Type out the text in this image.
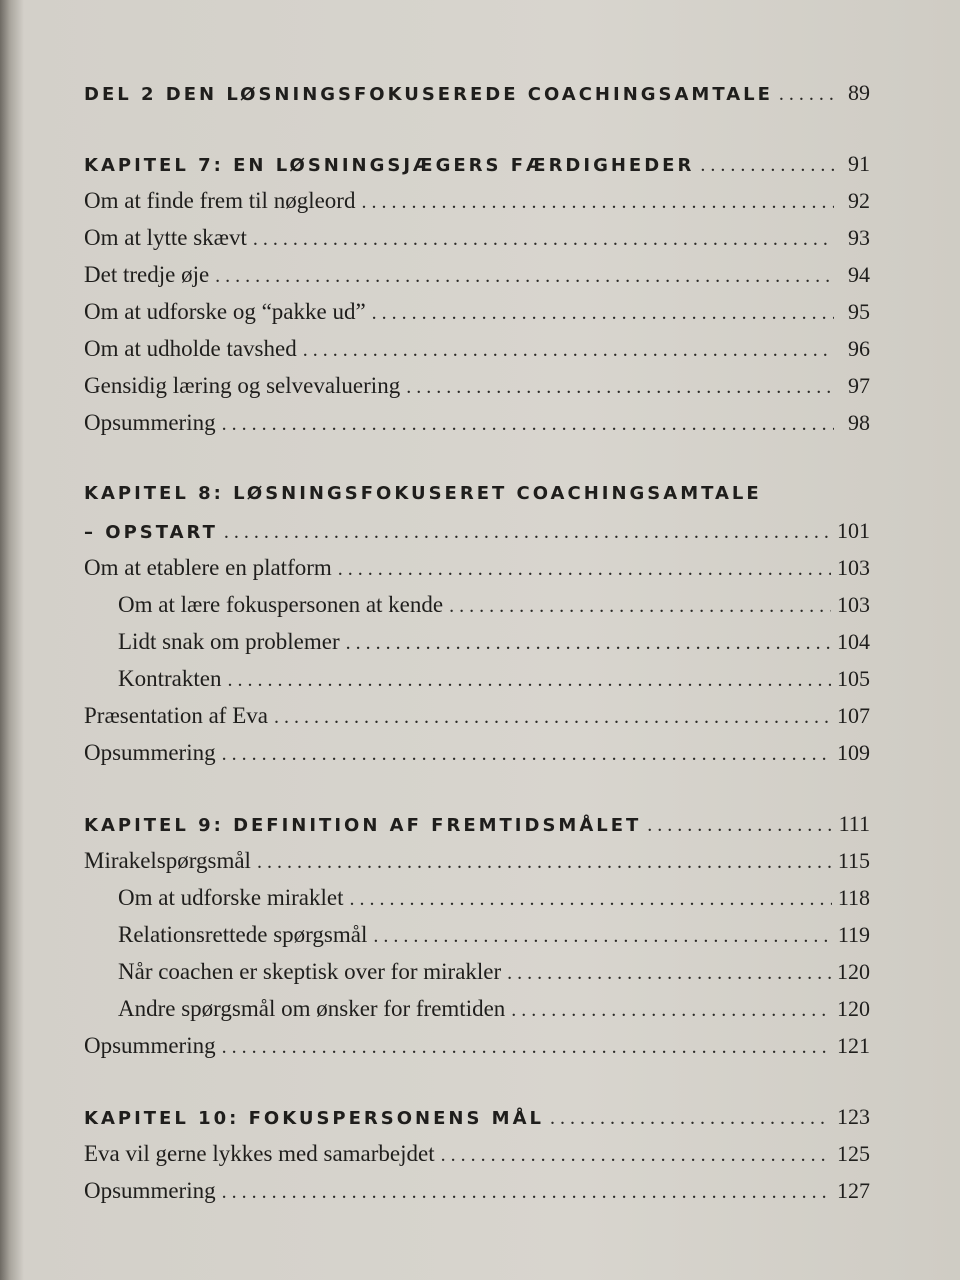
DEL 2 DEN LØSNINGSFOKUSEREDE COACHINGSAMTALE . . .	89
KAPITEL 7: EN LØSNINGSJÆGERS FÆRDIGHEDER . . .	91
Om at finde frem til nøgleord . . .	92
Om at lytte skævt . . .	93
Det tredje øje . . .	94
Om at udforske og “pakke ud” . . .	95
Om at udholde tavshed . . .	96
Gensidig læring og selvevaluering . . .	97
Opsummering . . .	98
KAPITEL 8: LØSNINGSFOKUSERET COACHINGSAMTALE
– OPSTART . . .	101
Om at etablere en platform . . .	103
Om at lære fokuspersonen at kende . . .	103
Lidt snak om problemer . . .	104
Kontrakten . . .	105
Præsentation af Eva . . .	107
Opsummering . . .	109
KAPITEL 9: DEFINITION AF FREMTIDSMÅLET . . .	111
Mirakelspørgsmål . . .	115
Om at udforske miraklet . . .	118
Relationsrettede spørgsmål . . .	119
Når coachen er skeptisk over for mirakler . . .	120
Andre spørgsmål om ønsker for fremtiden . . .	120
Opsummering . . .	121
KAPITEL 10: FOKUSPERSONENS MÅL . . .	123
Eva vil gerne lykkes med samarbejdet . . .	125
Opsummering . . .	127
